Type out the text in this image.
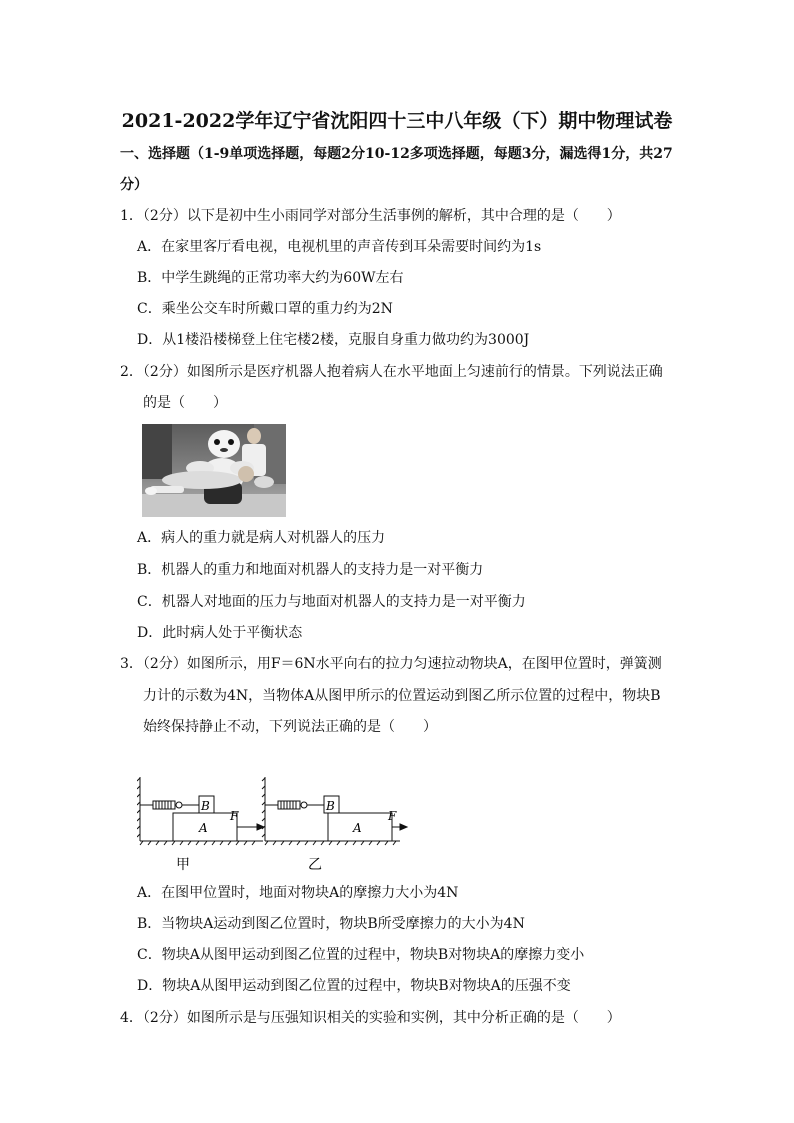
2021-2022学年辽宁省沈阳四十三中八年级（下）期中物理试卷
一、选择题（1-9单项选择题，每题2分10-12多项选择题，每题3分，漏选得1分，共27分）
1．（2分）以下是初中生小雨同学对部分生活事例的解析，其中合理的是（　　）
A．在家里客厅看电视，电视机里的声音传到耳朵需要时间约为1s
B．中学生跳绳的正常功率大约为60W左右
C．乘坐公交车时所戴口罩的重力约为2N
D．从1楼沿楼梯登上住宅楼2楼，克服自身重力做功约为3000J
2．（2分）如图所示是医疗机器人抱着病人在水平地面上匀速前行的情景。下列说法正确
的是（　　）
A．病人的重力就是病人对机器人的压力
B．机器人的重力和地面对机器人的支持力是一对平衡力
C．机器人对地面的压力与地面对机器人的支持力是一对平衡力
D．此时病人处于平衡状态
3．（2分）如图所示，用F＝6N水平向右的拉力匀速拉动物块A，在图甲位置时，弹簧测
力计的示数为4N，当物体A从图甲所示的位置运动到图乙所示位置的过程中，物块B
始终保持静止不动，下列说法正确的是（　　）
B
A
F
甲
B
A
F
乙
A．在图甲位置时，地面对物块A的摩擦力大小为4N
B．当物块A运动到图乙位置时，物块B所受摩擦力的大小为4N
C．物块A从图甲运动到图乙位置的过程中，物块B对物块A的摩擦力变小
D．物块A从图甲运动到图乙位置的过程中，物块B对物块A的压强不变
4．（2分）如图所示是与压强知识相关的实验和实例，其中分析正确的是（　　）
